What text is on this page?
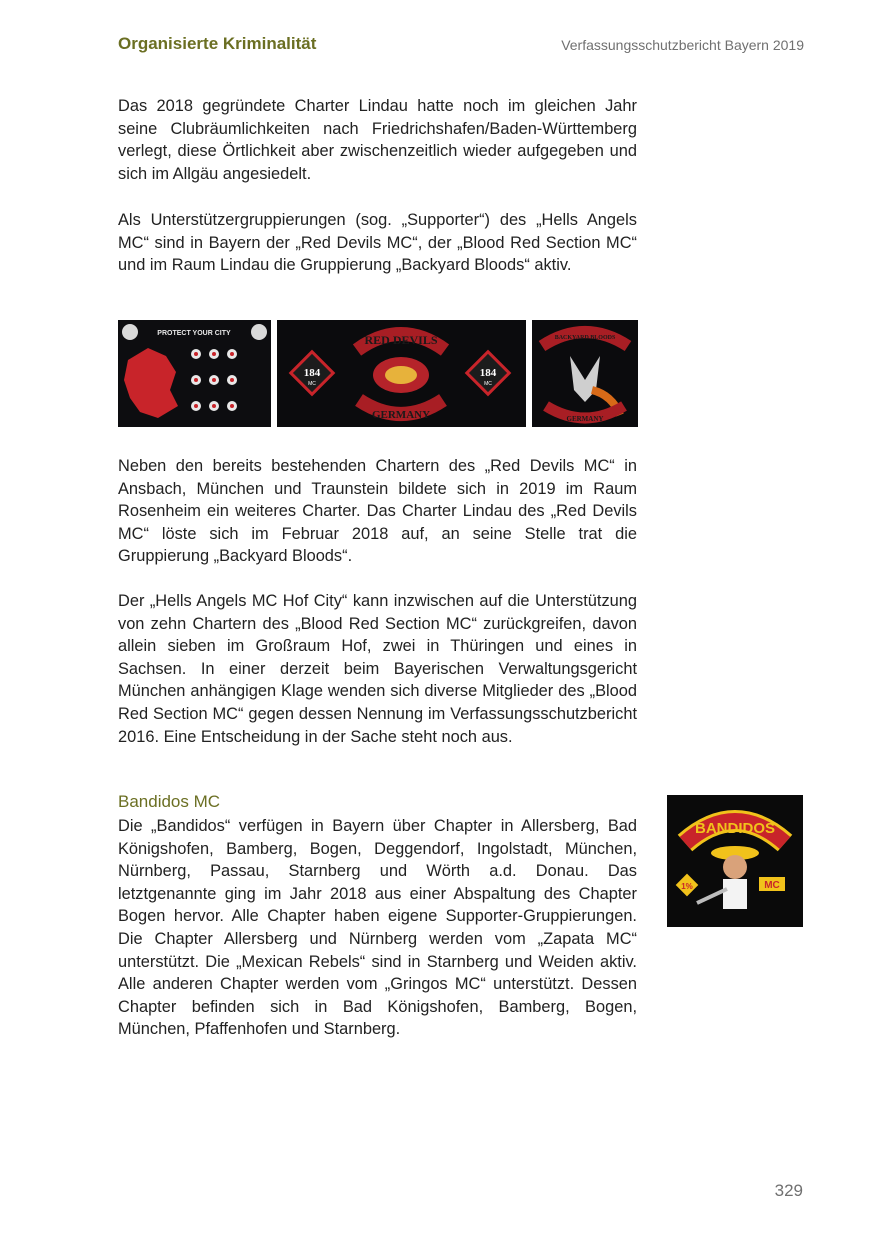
Organisierte Kriminalität	Verfassungsschutzbericht Bayern 2019
Das 2018 gegründete Charter Lindau hatte noch im gleichen Jahr seine Clubräumlichkeiten nach Friedrichshafen/Baden-Württemberg verlegt, diese Örtlichkeit aber zwischenzeitlich wieder aufgegeben und sich im Allgäu angesiedelt.
Als Unterstützergruppierungen (sog. „Supporter“) des „Hells Angels MC“ sind in Bayern der „Red Devils MC“, der „Blood Red Section MC“ und im Raum Lindau die Gruppierung „Backyard Bloods“ aktiv.
PROTECT YOUR CITY	RED DEVILS
GERMANY
184
MC
184
MC
BACKYARD BLOODS
GERMANY
Neben den bereits bestehenden Chartern des „Red Devils MC“ in Ansbach, München und Traunstein bildete sich in 2019 im Raum Rosenheim ein weiteres Charter. Das Charter Lindau des „Red Devils MC“ löste sich im Februar 2018 auf, an seine Stelle trat die Gruppierung „Backyard Bloods“.
Der „Hells Angels MC Hof City“ kann inzwischen auf die Unterstützung von zehn Chartern des „Blood Red Section MC“ zurückgreifen, davon allein sieben im Großraum Hof, zwei in Thüringen und eines in Sachsen. In einer derzeit beim Bayerischen Verwaltungsgericht München anhängigen Klage wenden sich diverse Mitglieder des „Blood Red Section MC“ gegen dessen Nennung im Verfassungsschutzbericht 2016. Eine Entscheidung in der Sache steht noch aus.
Bandidos MC
Die „Bandidos“ verfügen in Bayern über Chapter in Allersberg, Bad Königshofen, Bamberg, Bogen, Deggendorf, Ingolstadt, München, Nürnberg, Passau, Starnberg und Wörth a.d. Donau. Das letztgenannte ging im Jahr 2018 aus einer Abspaltung des Chapter Bogen hervor. Alle Chapter haben eigene Supporter-Gruppierungen. Die Chapter Allersberg und Nürnberg werden vom „Zapata MC“ unterstützt. Die „Mexican Rebels“ sind in Starnberg und Weiden aktiv. Alle anderen Chapter werden vom „Gringos MC“ unterstützt. Dessen Chapter befinden sich in Bad Königshofen, Bamberg, Bogen, München, Pfaffenhofen und Starnberg.
BANDIDOS
1%	MC
329
